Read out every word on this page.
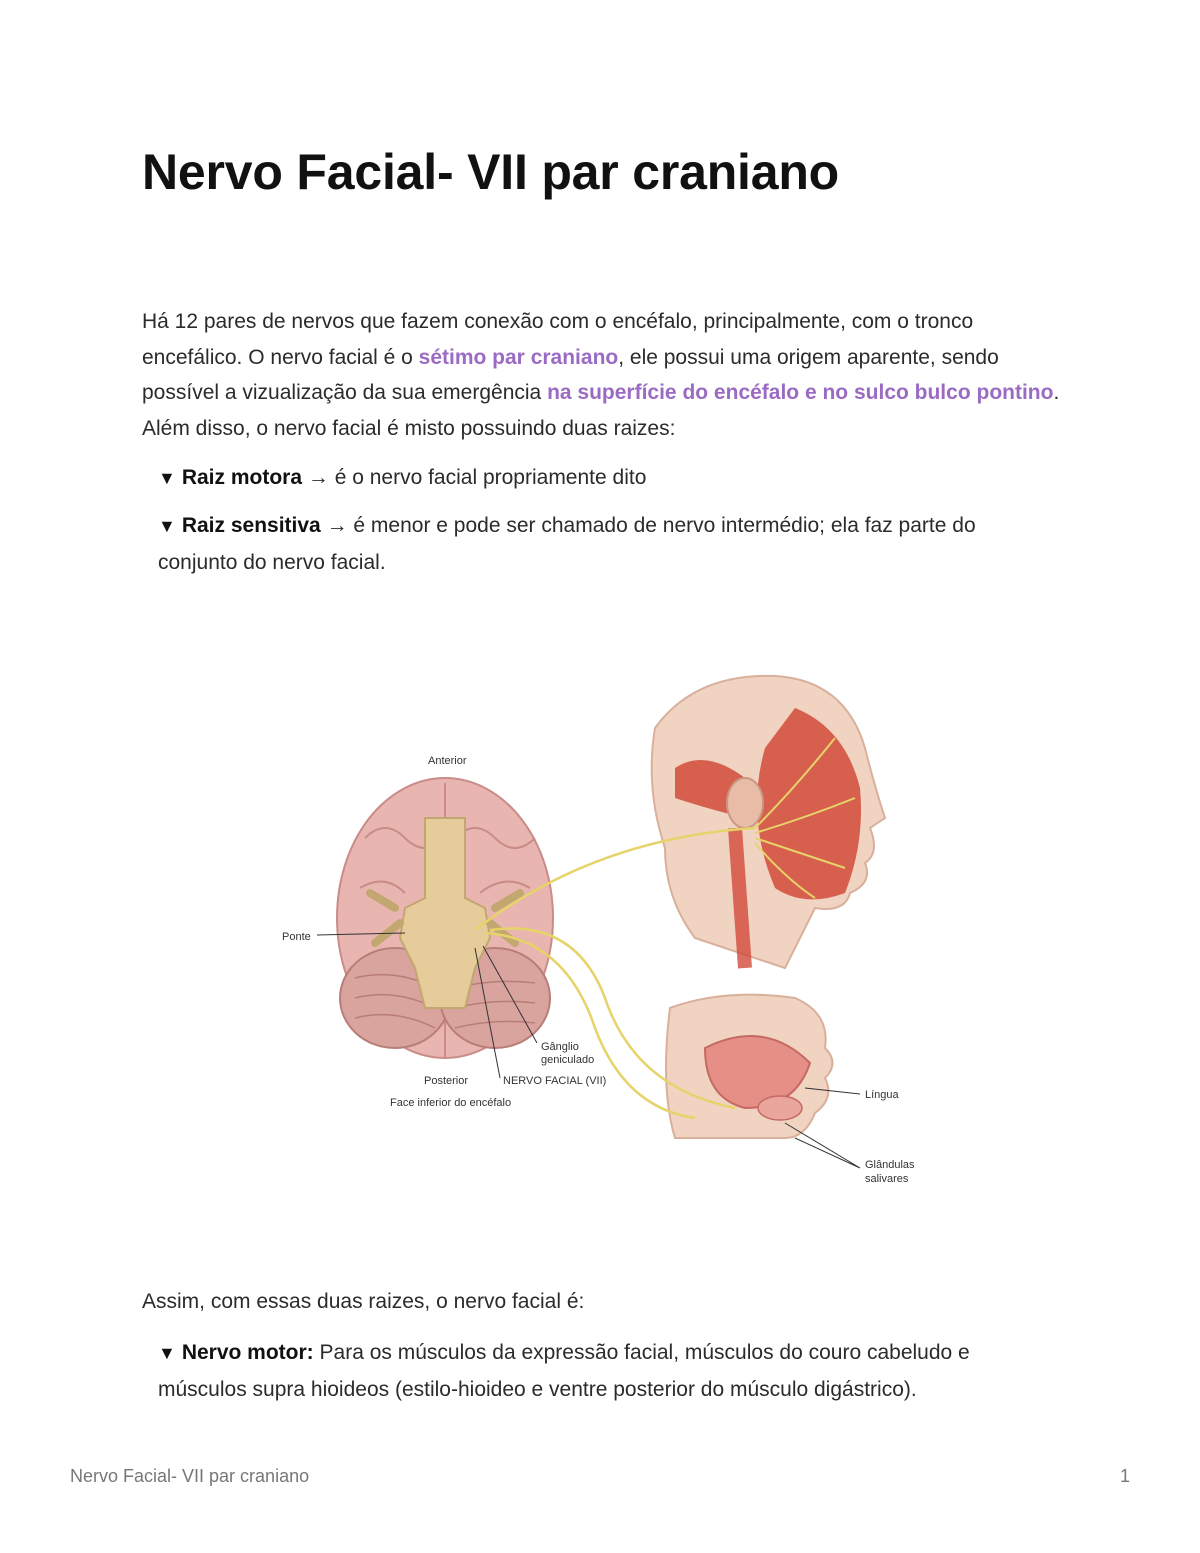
Nervo Facial- VII par craniano

Há 12 pares de nervos que fazem conexão com o encéfalo, principalmente, com o tronco encefálico. O nervo facial é o sétimo par craniano, ele possui uma origem aparente, sendo possível a vizualização da sua emergência na superfície do encéfalo e no sulco bulco pontino. Além disso, o nervo facial é misto possuindo duas raizes:

▼ Raiz motora → é o nervo facial propriamente dito

▼ Raiz sensitiva → é menor e pode ser chamado de nervo intermédio; ela faz parte do conjunto do nervo facial.

Anterior
Ponte
Gânglio
geniculado
Posterior	NERVO FACIAL (VII)
Face inferior do encéfalo
Língua
Glândulas
salivares

Assim, com essas duas raizes, o nervo facial é:

▼ Nervo motor: Para os músculos da expressão facial, músculos do couro cabeludo e músculos supra hioideos (estilo-hioideo e ventre posterior do músculo digástrico).

Nervo Facial- VII par craniano	1
